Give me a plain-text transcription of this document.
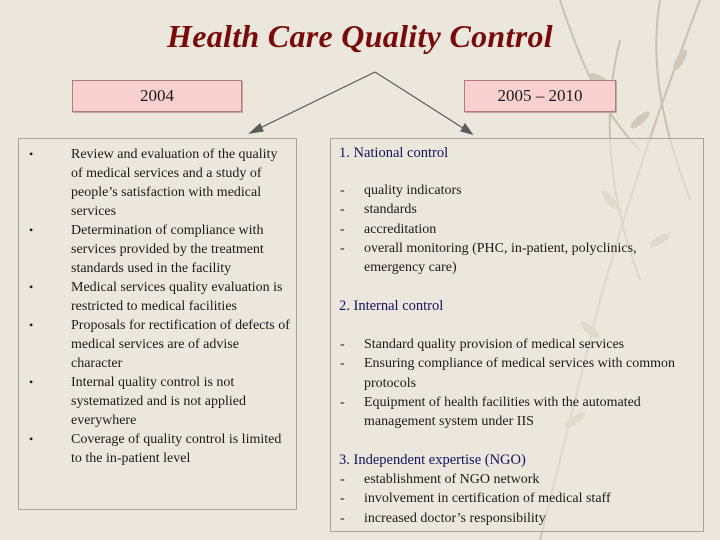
Health Care Quality Control
2004	2005 – 2010
•	Review and evaluation of the quality of medical services and a study of people’s satisfaction with medical services
•	Determination of compliance with services provided by the treatment standards used in the facility
•	Medical services quality evaluation is restricted to medical facilities
•	Proposals for rectification of defects of medical services are of advise character
•	Internal quality control is not systematized and is not applied everywhere
•	Coverage of quality control is limited to the in-patient level
1. National control
- quality indicators
- standards
- accreditation
- overall monitoring (PHC, in-patient, polyclinics, emergency care)
2. Internal control
- Standard quality provision of medical services
- Ensuring compliance of medical services with common protocols
- Equipment of health facilities with the automated management system under IIS
3. Independent expertise (NGO)
- establishment of NGO network
- involvement in certification of medical staff
- increased doctor’s responsibility
